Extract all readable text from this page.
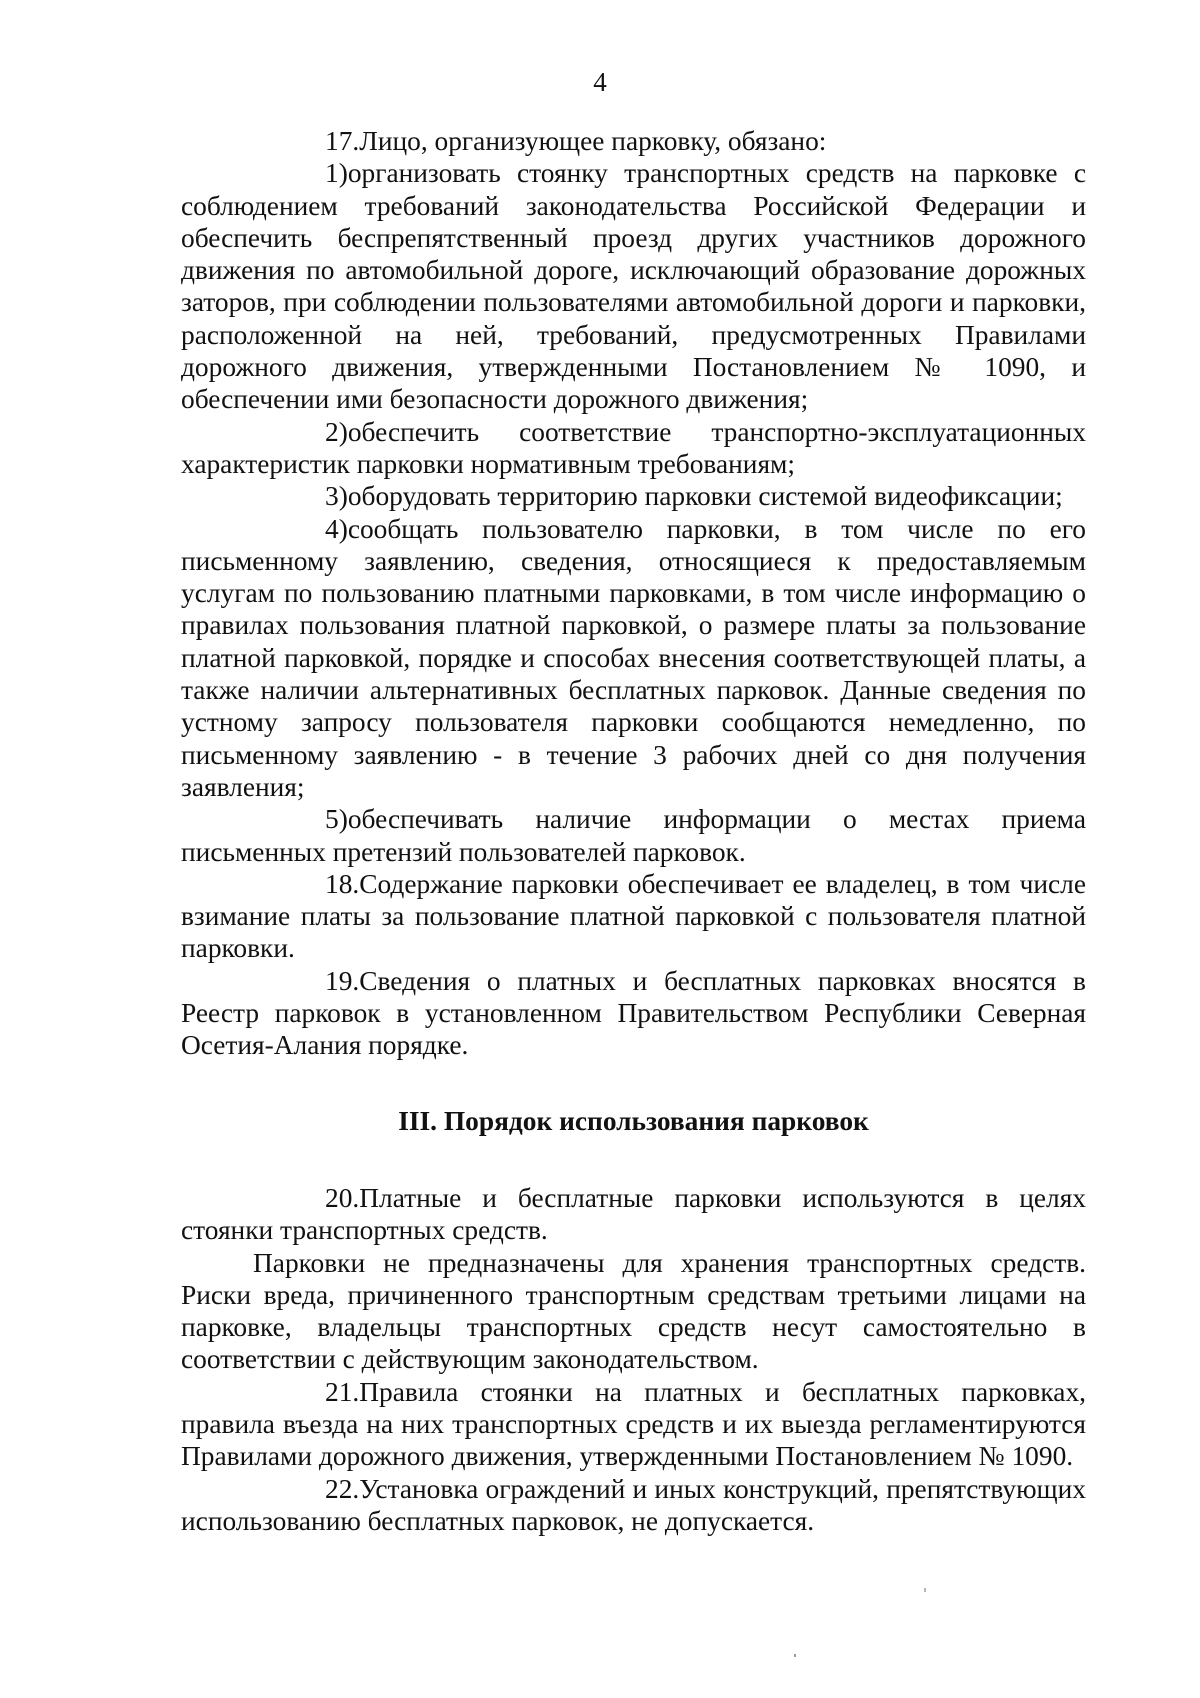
4

17.Лицо, организующее парковку, обязано:

1)организовать стоянку транспортных средств на парковке с соблюдением требований законодательства Российской Федерации и обеспечить беспрепятственный проезд других участников дорожного движения по автомобильной дороге, исключающий образование дорожных заторов, при соблюдении пользователями автомобильной дороги и парковки, расположенной на ней, требований, предусмотренных Правилами дорожного движения, утвержденными Постановлением № 1090, и обеспечении ими безопасности дорожного движения;

2)обеспечить соответствие транспортно-эксплуатационных характеристик парковки нормативным требованиям;

3)оборудовать территорию парковки системой видеофиксации;

4)сообщать пользователю парковки, в том числе по его письменному заявлению, сведения, относящиеся к предоставляемым услугам по пользованию платными парковками, в том числе информацию о правилах пользования платной парковкой, о размере платы за пользование платной парковкой, порядке и способах внесения соответствующей платы, а также наличии альтернативных бесплатных парковок. Данные сведения по устному запросу пользователя парковки сообщаются немедленно, по письменному заявлению - в течение 3 рабочих дней со дня получения заявления;

5)обеспечивать наличие информации о местах приема письменных претензий пользователей парковок.

18.Содержание парковки обеспечивает ее владелец, в том числе взимание платы за пользование платной парковкой с пользователя платной парковки.

19.Сведения о платных и бесплатных парковках вносятся в Реестр парковок в установленном Правительством Республики Северная Осетия-Алания порядке.

III. Порядок использования парковок

20.Платные и бесплатные парковки используются в целях стоянки транспортных средств.

Парковки не предназначены для хранения транспортных средств. Риски вреда, причиненного транспортным средствам третьими лицами на парковке, владельцы транспортных средств несут самостоятельно в соответствии с действующим законодательством.

21.Правила стоянки на платных и бесплатных парковках, правила въезда на них транспортных средств и их выезда регламентируются Правилами дорожного движения, утвержденными Постановлением № 1090.

22.Установка ограждений и иных конструкций, препятствующих использованию бесплатных парковок, не допускается.
